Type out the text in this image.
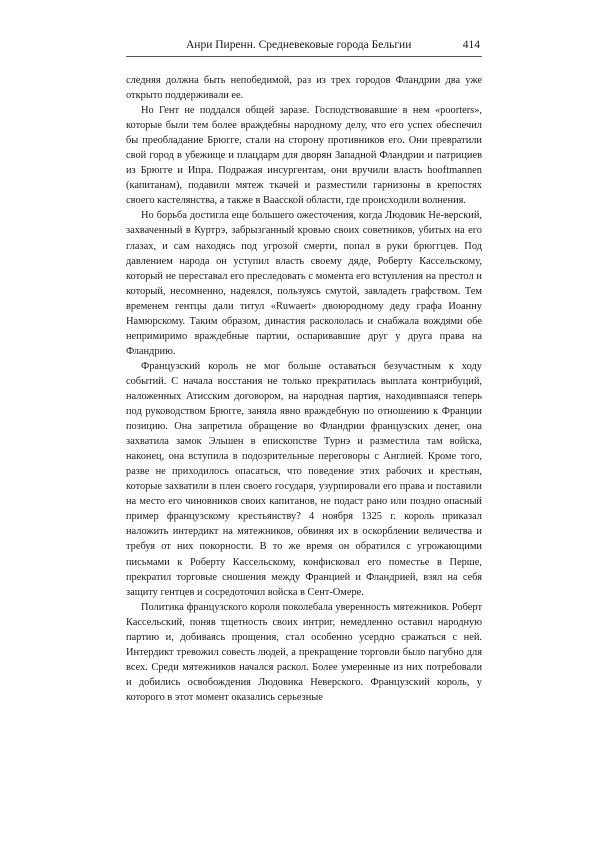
Анри Пиренн. Средневековые города Бельгии	414

следняя должна быть непобедимой, раз из трех городов Фландрии два уже открыто поддерживали ее.

Но Гент не поддался общей заразе. Господствовавшие в нем «poorters», которые были тем более враждебны народному делу, что его успех обеспечил бы преобладание Брюгге, стали на сторону противников его. Они превратили свой город в убежище и плацдарм для дворян Западной Фландрии и патрициев из Брюгге и Ипра. Подражая инсургентам, они вручили власть hooftmannen (капитанам), подавили мятеж ткачей и разместили гарнизоны в крепостях своего кастелянства, а также в Ваасской области, где происходили волнения.

Но борьба достигла еще большего ожесточения, когда Людовик Не-верский, захваченный в Куртрэ, забрызганный кровью своих советников, убитых на его глазах, и сам находясь под угрозой смерти, попал в руки брюггцев. Под давлением народа он уступил власть своему дяде, Роберту Кассельскому, который не переставал его преследовать с момента его вступления на престол и который, несомненно, надеялся, пользуясь смутой, завладеть графством. Тем временем гентцы дали титул «Ruwaert» двоюродному деду графа Иоанну Намюрскому. Таким образом, династия раскололась и снабжала вождями обе непримиримо враждебные партии, оспаривавшие друг у друга права на Фландрию.

Французский король не мог больше оставаться безучастным к ходу событий. С начала восстания не только прекратилась выплата контрибуций, наложенных Атисским договором, на народная партия, находившаяся теперь под руководством Брюгге, заняла явно враждебную по отношению к Франции позицию. Она запретила обращение во Фландрии французских денег, она захватила замок Эльшен в епископстве Турнэ и разместила там войска, наконец, она вступила в подозрительные переговоры с Англией. Кроме того, разве не приходилось опасаться, что поведение этих рабочих и крестьян, которые захватили в плен своего государя, узурпировали его права и поставили на место его чиновников своих капитанов, не подаст рано или поздно опасный пример французскому крестьянству? 4 ноября 1325 г. король приказал наложить интердикт на мятежников, обвиняя их в оскорблении величества и требуя от них покорности. В то же время он обратился с угрожающими письмами к Роберту Кассельскому, конфисковал его поместье в Перше, прекратил торговые сношения между Францией и Фландрией, взял на себя защиту гентцев и сосредоточил войска в Сент-Омере.

Политика французского короля поколебала уверенность мятежников. Роберт Кассельский, поняв тщетность своих интриг, немедленно оставил народную партию и, добиваясь прощения, стал особенно усердно сражаться с ней. Интердикт тревожил совесть людей, а прекращение торговли было пагубно для всех. Среди мятежников начался раскол. Более умеренные из них потребовали и добились освобождения Людовика Неверского. Французский король, у которого в этот момент оказались серьезные
